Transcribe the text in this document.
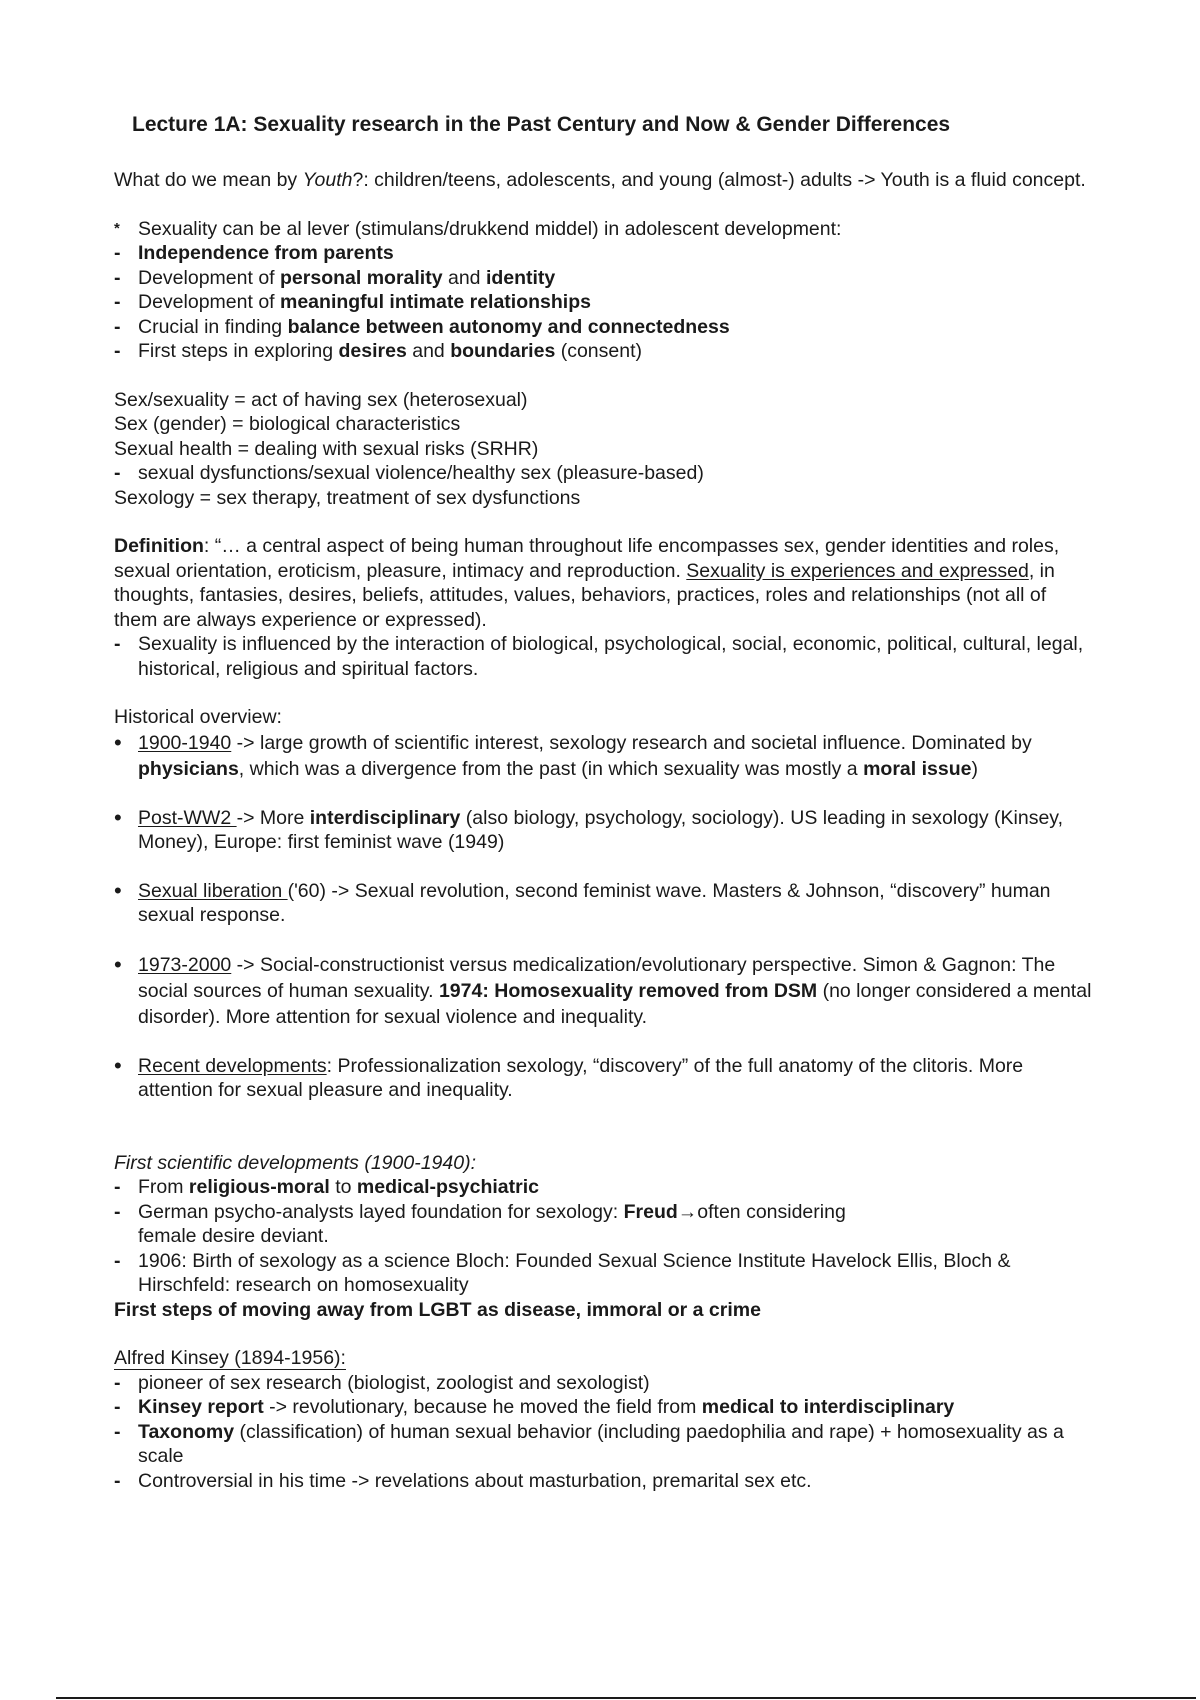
Lecture 1A: Sexuality research in the Past Century and Now & Gender Differences

What do we mean by Youth?: children/teens, adolescents, and young (almost-) adults -> Youth is a fluid concept.

* Sexuality can be al lever (stimulans/drukkend middel) in adolescent development:
- Independence from parents
- Development of personal morality and identity
- Development of meaningful intimate relationships
- Crucial in finding balance between autonomy and connectedness
- First steps in exploring desires and boundaries (consent)

Sex/sexuality = act of having sex (heterosexual)

Sex (gender) = biological characteristics

Sexual health = dealing with sexual risks (SRHR)

- sexual dysfunctions/sexual violence/healthy sex (pleasure-based)

Sexology = sex therapy, treatment of sex dysfunctions

Definition: “… a central aspect of being human throughout life encompasses sex, gender identities and roles, sexual orientation, eroticism, pleasure, intimacy and reproduction. Sexuality is experiences and expressed, in thoughts, fantasies, desires, beliefs, attitudes, values, behaviors, practices, roles and relationships (not all of them are always experience or expressed).

- Sexuality is influenced by the interaction of biological, psychological, social, economic, political, cultural, legal, historical, religious and spiritual factors.

Historical overview:

• 1900-1940 -> large growth of scientific interest, sexology research and societal influence. Dominated by physicians, which was a divergence from the past (in which sexuality was mostly a moral issue)
• Post-WW2 -> More interdisciplinary (also biology, psychology, sociology). US leading in sexology (Kinsey, Money), Europe: first feminist wave (1949)
• Sexual liberation ('60) -> Sexual revolution, second feminist wave. Masters & Johnson, “discovery” human sexual response.
• 1973-2000 -> Social-constructionist versus medicalization/evolutionary perspective. Simon & Gagnon: The social sources of human sexuality. 1974: Homosexuality removed from DSM (no longer considered a mental disorder). More attention for sexual violence and inequality.
• Recent developments: Professionalization sexology, “discovery” of the full anatomy of the clitoris. More attention for sexual pleasure and inequality.

First scientific developments (1900-1940):

- From religious-moral to medical-psychiatric
- German psycho-analysts layed foundation for sexology: Freud→often considering female desire deviant.
- 1906: Birth of sexology as a science Bloch: Founded Sexual Science Institute Havelock Ellis, Bloch & Hirschfeld: research on homosexuality

First steps of moving away from LGBT as disease, immoral or a crime

Alfred Kinsey (1894-1956):

- pioneer of sex research (biologist, zoologist and sexologist)
- Kinsey report -> revolutionary, because he moved the field from medical to interdisciplinary
- Taxonomy (classification) of human sexual behavior (including paedophilia and rape) + homosexuality as a scale
- Controversial in his time -> revelations about masturbation, premarital sex etc.
